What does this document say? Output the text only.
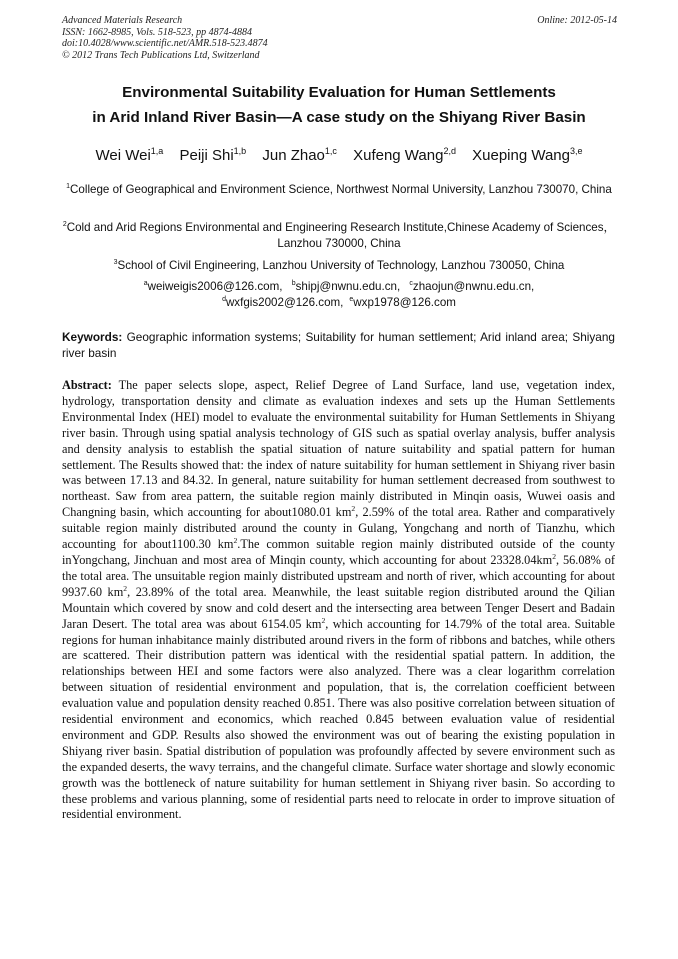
Advanced Materials Research
ISSN: 1662-8985, Vols. 518-523, pp 4874-4884
doi:10.4028/www.scientific.net/AMR.518-523.4874
© 2012 Trans Tech Publications Ltd, Switzerland
Online: 2012-05-14
Environmental Suitability Evaluation for Human Settlements
in Arid Inland River Basin—A case study on the Shiyang River Basin
Wei Wei$^{1,a}$ Peiji Shi$^{1,b}$ Jun Zhao$^{1,c}$ Xufeng Wang$^{2,d}$ Xueping Wang$^{3,e}$
$^1$College of Geographical and Environment Science, Northwest Normal University, Lanzhou 730070, China
$^2$Cold and Arid Regions Environmental and Engineering Research Institute,Chinese Academy of Sciences，Lanzhou 730000, China
$^3$School of Civil Engineering, Lanzhou University of Technology, Lanzhou 730050, China
$^a$weiweigis2006@126.com, $^b$shipj@nwnu.edu.cn, $^c$zhaojun@nwnu.edu.cn,
$^d$wxfgis2002@126.com, $^e$wxp1978@126.com
Keywords: Geographic information systems; Suitability for human settlement; Arid inland area; Shiyang river basin
Abstract: The paper selects slope, aspect, Relief Degree of Land Surface, land use, vegetation index, hydrology, transportation density and climate as evaluation indexes and sets up the Human Settlements Environmental Index (HEI) model to evaluate the environmental suitability for Human Settlements in Shiyang river basin. Through using spatial analysis technology of GIS such as spatial overlay analysis, buffer analysis and density analysis to establish the spatial situation of nature suitability and spatial pattern for human settlement. The Results showed that: the index of nature suitability for human settlement in Shiyang river basin was between 17.13 and 84.32. In general, nature suitability for human settlement decreased from southwest to northeast. Saw from area pattern, the suitable region mainly distributed in Minqin oasis, Wuwei oasis and Changning basin, which accounting for about1080.01 $km^2$, 2.59% of the total area. Rather and comparatively suitable region mainly distributed around the county in Gulang, Yongchang and north of Tianzhu, which accounting for about1100.30 $km^2.The$ common suitable region mainly distributed outside of the county inYongchang, Jinchuan and most area of Minqin county, which accounting for about $23328.04km^2$, 56.08% of the total area. The unsuitable region mainly distributed upstream and north of river, which accounting for about 9937.60 $km^2$, 23.89% of the total area. Meanwhile, the least suitable region distributed around the Qilian Mountain which covered by snow and cold desert and the intersecting area between Tenger Desert and Badain Jaran Desert. The total area was about 6154.05 $km^2$, which accounting for 14.79% of the total area. Suitable regions for human inhabitance mainly distributed around rivers in the form of ribbons and batches, while others are scattered. Their distribution pattern was identical with the residential spatial pattern. In addition, the relationships between HEI and some factors were also analyzed. There was a clear logarithm correlation between situation of residential environment and population, that is, the correlation coefficient between evaluation value and population density reached 0.851. There was also positive correlation between situation of residential environment and economics, which reached 0.845 between evaluation value of residential environment and GDP. Results also showed the environment was out of bearing the existing population in Shiyang river basin. Spatial distribution of population was profoundly affected by severe environment such as the expanded deserts, the wavy terrains, and the changeful climate. Surface water shortage and slowly economic growth was the bottleneck of nature suitability for human settlement in Shiyang river basin. So according to these problems and various planning, some of residential parts need to relocate in order to improve situation of residential environment.
